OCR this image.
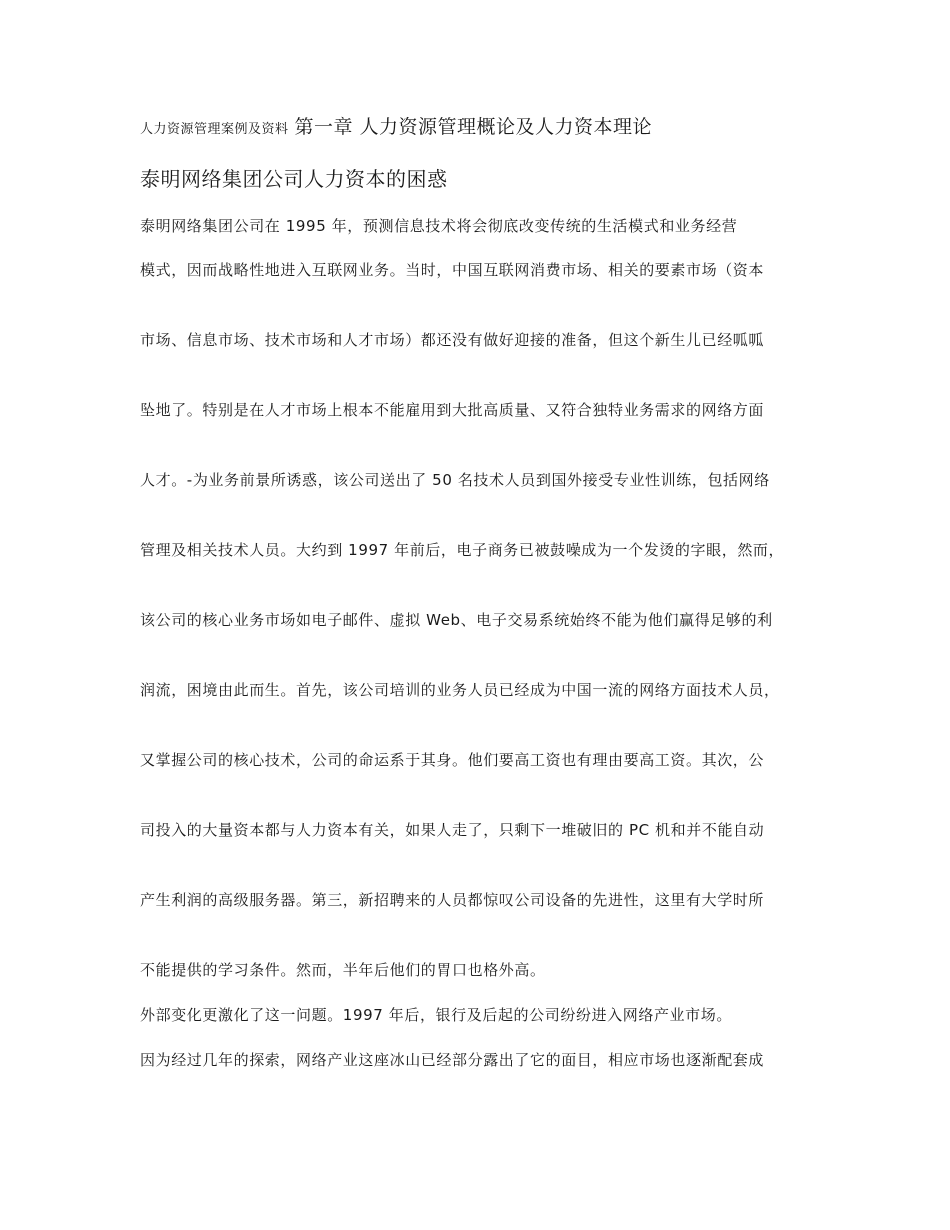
人力资源管理案例及资料 第一章 人力资源管理概论及人力资本理论
泰明网络集团公司人力资本的困惑

泰明网络集团公司在 1995 年，预测信息技术将会彻底改变传统的生活模式和业务经营

模式，因而战略性地进入互联网业务。当时，中国互联网消费市场、相关的要素市场（资本

市场、信息市场、技术市场和人才市场）都还没有做好迎接的准备，但这个新生儿已经呱呱

坠地了。特别是在人才市场上根本不能雇用到大批高质量、又符合独特业务需求的网络方面

人才。-为业务前景所诱惑，该公司送出了 50 名技术人员到国外接受专业性训练，包括网络

管理及相关技术人员。大约到 1997 年前后，电子商务已被鼓噪成为一个发烫的字眼，然而，

该公司的核心业务市场如电子邮件、虚拟 Web、电子交易系统始终不能为他们赢得足够的利

润流，困境由此而生。首先，该公司培训的业务人员已经成为中国一流的网络方面技术人员，

又掌握公司的核心技术，公司的命运系于其身。他们要高工资也有理由要高工资。其次，公

司投入的大量资本都与人力资本有关，如果人走了，只剩下一堆破旧的 PC 机和并不能自动

产生利润的高级服务器。第三，新招聘来的人员都惊叹公司设备的先进性，这里有大学时所

不能提供的学习条件。然而，半年后他们的胃口也格外高。

外部变化更激化了这一问题。1997 年后，银行及后起的公司纷纷进入网络产业市场。

因为经过几年的探索，网络产业这座冰山已经部分露出了它的面目，相应市场也逐渐配套成
